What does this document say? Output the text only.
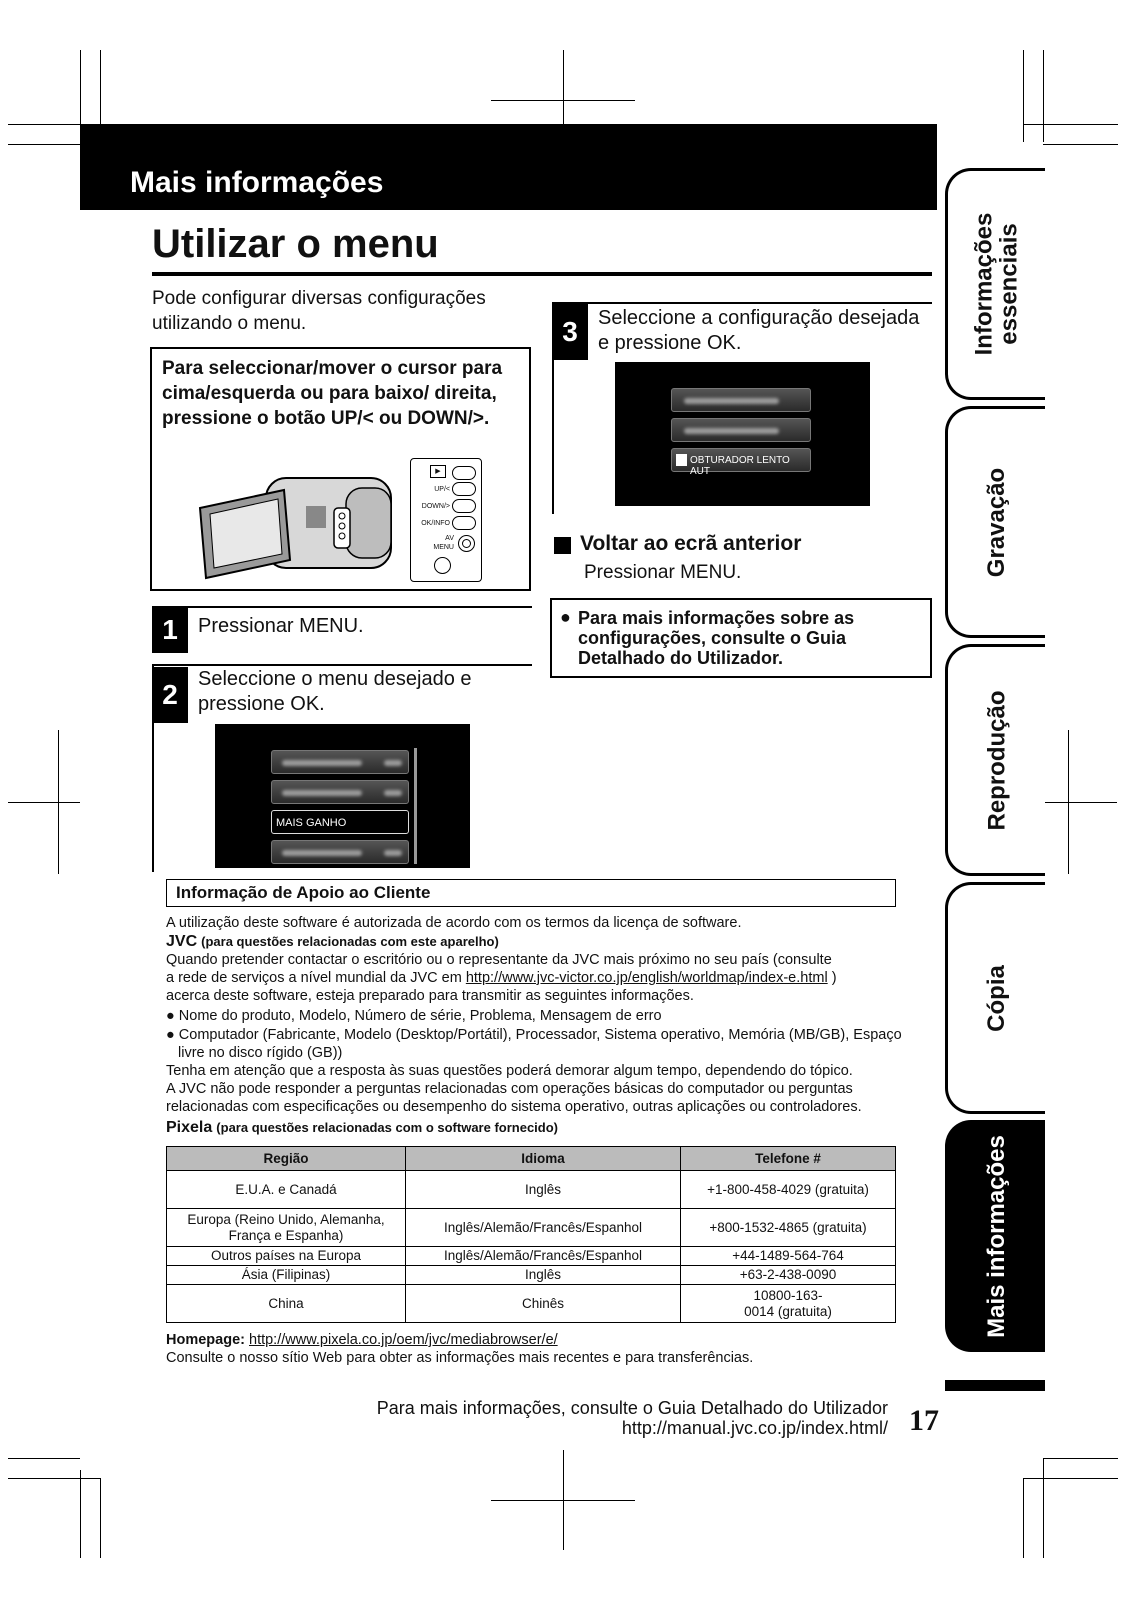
Mais informações
Utilizar o menu
Pode configurar diversas configurações utilizando o menu.
Para seleccionar/mover o cursor para cima/esquerda ou para baixo/ direita, pressione o botão UP/< ou DOWN/>.
▶
UP/<
DOWN/>
OK/INFO
AV
MENU
1	Pressionar MENU.
2	Seleccione o menu desejado e pressione OK.
MAIS GANHO
3	Seleccione a configuração desejada e pressione OK.
OBTURADOR LENTO AUT
Voltar ao ecrã anterior
Pressionar MENU.
● Para mais informações sobre as configurações, consulte o Guia Detalhado do Utilizador.
Informações essenciais
Gravação
Reprodução
Cópia
Mais informações
Informação de Apoio ao Cliente
A utilização deste software é autorizada de acordo com os termos da licença de software.
JVC (para questões relacionadas com este aparelho)
Quando pretender contactar o escritório ou o representante da JVC mais próximo no seu país (consulte
a rede de serviços a nível mundial da JVC em http://www.jvc-victor.co.jp/english/worldmap/index-e.html )
acerca deste software, esteja preparado para transmitir as seguintes informações.
● Nome do produto, Modelo, Número de série, Problema, Mensagem de erro
● Computador (Fabricante, Modelo (Desktop/Portátil), Processador, Sistema operativo, Memória (MB/GB), Espaço livre no disco rígido (GB))
Tenha em atenção que a resposta às suas questões poderá demorar algum tempo, dependendo do tópico.
A JVC não pode responder a perguntas relacionadas com operações básicas do computador ou perguntas relacionadas com especificações ou desempenho do sistema operativo, outras aplicações ou controladores.
Pixela (para questões relacionadas com o software fornecido)
Região	Idioma	Telefone #
E.U.A. e Canadá	Inglês	+1-800-458-4029 (gratuita)
Europa (Reino Unido, Alemanha, França e Espanha)	Inglês/Alemão/Francês/Espanhol	+800-1532-4865 (gratuita)
Outros países na Europa	Inglês/Alemão/Francês/Espanhol	+44-1489-564-764
Ásia (Filipinas)	Inglês	+63-2-438-0090
China	Chinês	10800-163-0014 (gratuita)
Homepage: http://www.pixela.co.jp/oem/jvc/mediabrowser/e/
Consulte o nosso sítio Web para obter as informações mais recentes e para transferências.
Para mais informações, consulte o Guia Detalhado do Utilizador
http://manual.jvc.co.jp/index.html/ 17
